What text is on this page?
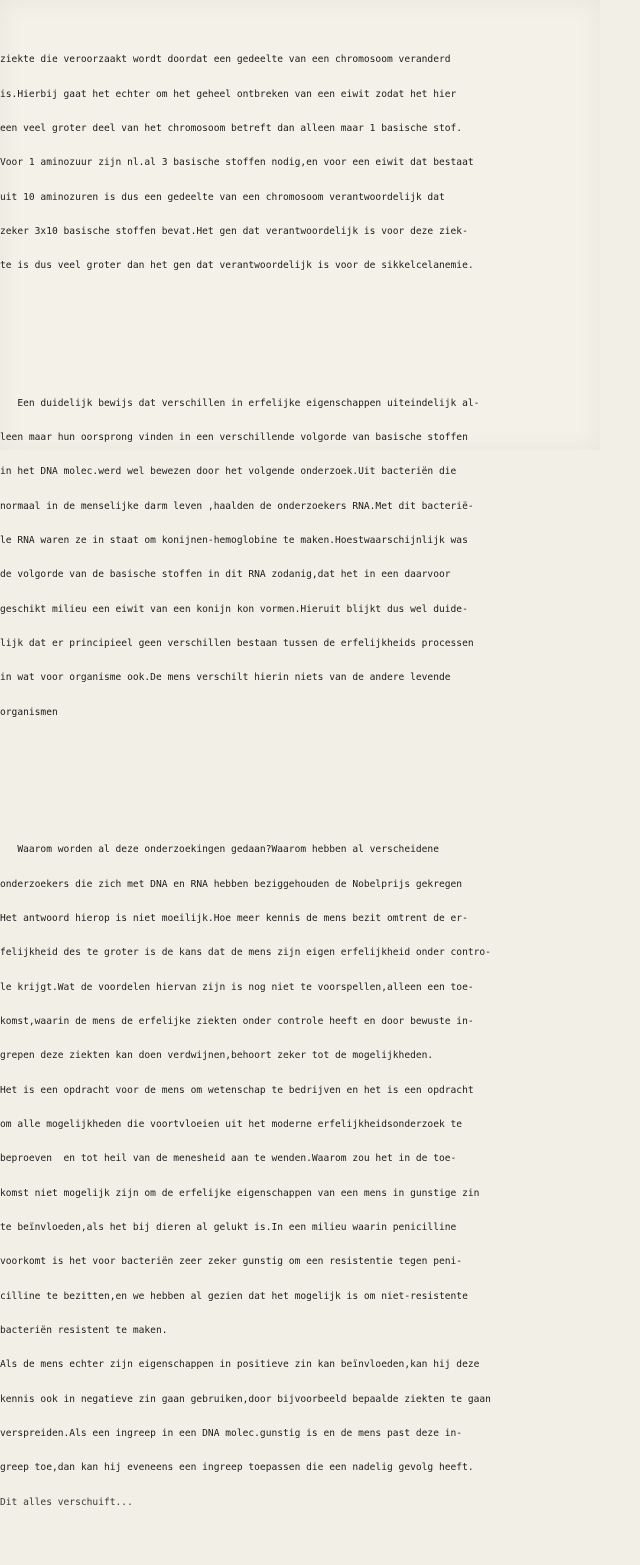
ziekte die veroorzaakt wordt doordat een gedeelte van een chromosoom veranderd

is.Hierbij gaat het echter om het geheel ontbreken van een eiwit zodat het hier

een veel groter deel van het chromosoom betreft dan alleen maar 1 basische stof.

Voor 1 aminozuur zijn nl.al 3 basische stoffen nodig,en voor een eiwit dat bestaat

uit 10 aminozuren is dus een gedeelte van een chromosoom verantwoordelijk dat

zeker 3x10 basische stoffen bevat.Het gen dat verantwoordelijk is voor deze ziek-

te is dus veel groter dan het gen dat verantwoordelijk is voor de sikkelcelanemie.

Een duidelijk bewijs dat verschillen in erfelijke eigenschappen uiteindelijk al-

leen maar hun oorsprong vinden in een verschillende volgorde van basische stoffen

in het DNA molec.werd wel bewezen door het volgende onderzoek.Uit bacteriën die

normaal in de menselijke darm leven ,haalden de onderzoekers RNA.Met dit bacterië-

le RNA waren ze in staat om konijnen-hemoglobine te maken.Hoestwaarschijnlijk was

de volgorde van de basische stoffen in dit RNA zodanig,dat het in een daarvoor

geschikt milieu een eiwit van een konijn kon vormen.Hieruit blijkt dus wel duide-

lijk dat er principieel geen verschillen bestaan tussen de erfelijkheids processen

in wat voor organisme ook.De mens verschilt hierin niets van de andere levende

organismen

Waarom worden al deze onderzoekingen gedaan?Waarom hebben al verscheidene

onderzoekers die zich met DNA en RNA hebben beziggehouden de Nobelprijs gekregen

Het antwoord hierop is niet moeilijk.Hoe meer kennis de mens bezit omtrent de er-

felijkheid des te groter is de kans dat de mens zijn eigen erfelijkheid onder contro-

le krijgt.Wat de voordelen hiervan zijn is nog niet te voorspellen,alleen een toe-

komst,waarin de mens de erfelijke ziekten onder controle heeft en door bewuste in-

grepen deze ziekten kan doen verdwijnen,behoort zeker tot de mogelijkheden.

Het is een opdracht voor de mens om wetenschap te bedrijven en het is een opdracht

om alle mogelijkheden die voortvloeien uit het moderne erfelijkheidsonderzoek te

beproeven  en tot heil van de menesheid aan te wenden.Waarom zou het in de toe-

komst niet mogelijk zijn om de erfelijke eigenschappen van een mens in gunstige zin

te beïnvloeden,als het bij dieren al gelukt is.In een milieu waarin penicilline

voorkomt is het voor bacteriën zeer zeker gunstig om een resistentie tegen peni-

cilline te bezitten,en we hebben al gezien dat het mogelijk is om niet-resistente

bacteriën resistent te maken.

Als de mens echter zijn eigenschappen in positieve zin kan beïnvloeden,kan hij deze

kennis ook in negatieve zin gaan gebruiken,door bijvoorbeeld bepaalde ziekten te gaan

verspreiden.Als een ingreep in een DNA molec.gunstig is en de mens past deze in-

greep toe,dan kan hij eveneens een ingreep toepassen die een nadelig gevolg heeft.

Dit alles verschuift...
